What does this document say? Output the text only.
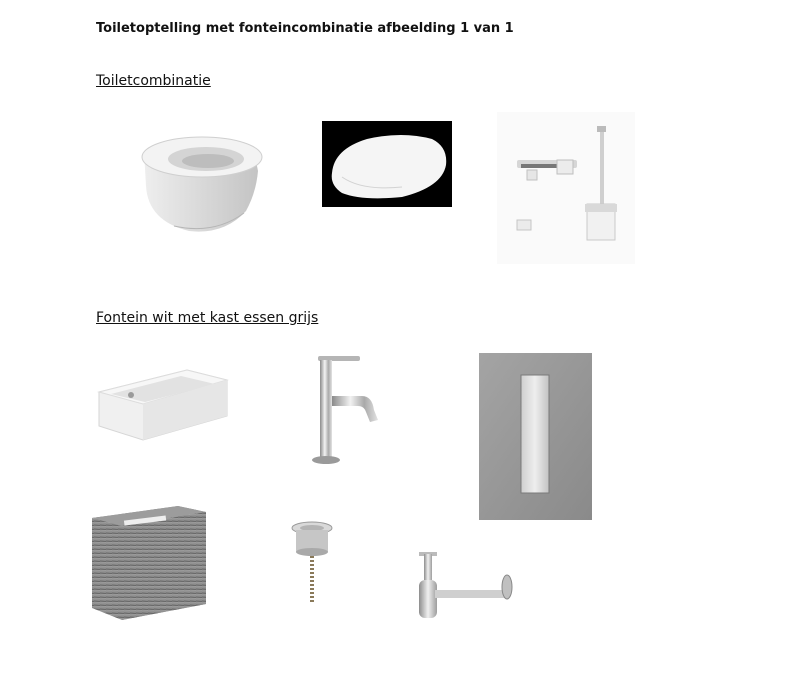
Toiletoptelling met fonteincombinatie afbeelding 1 van 1
Toiletcombinatie
Fontein wit met kast essen grijs
